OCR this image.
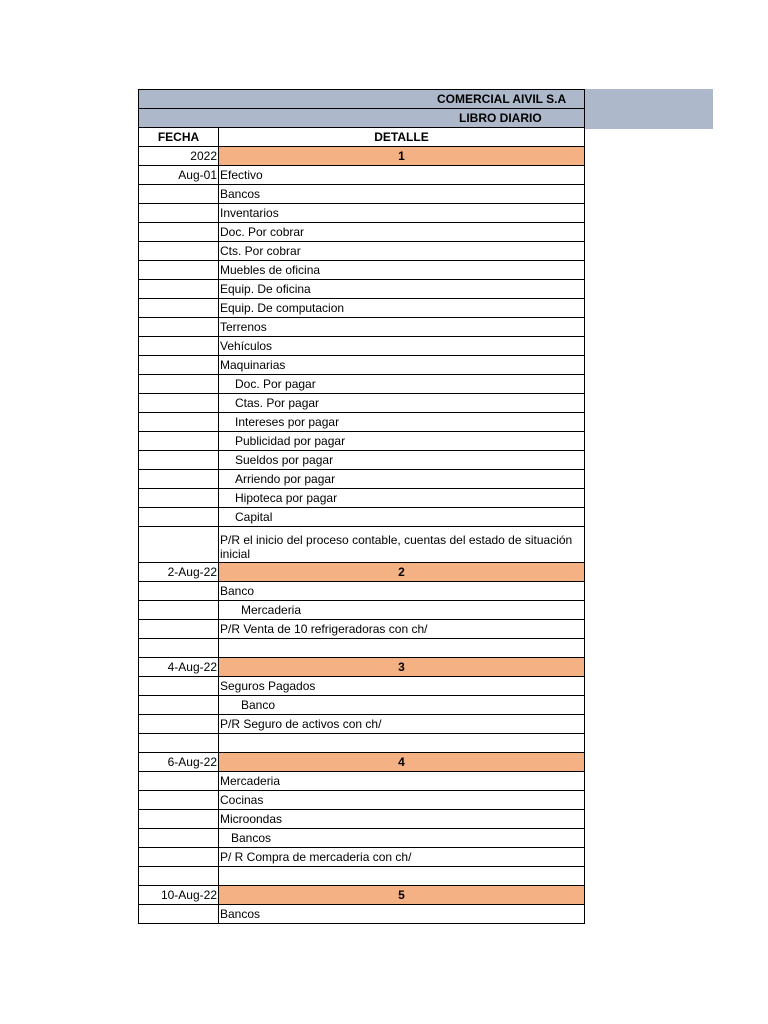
COMERCIAL AIVIL S.A	
LIBRO DIARIO	
FECHA	DETALLE
2022	1
Aug-01	Efectivo
	Bancos
	Inventarios
	Doc. Por cobrar
	Cts. Por cobrar
	Muebles de oficina
	Equip. De oficina
	Equip. De computacion
	Terrenos
	Vehículos
	Maquinarias
	Doc. Por pagar
	Ctas. Por pagar
	Intereses por pagar
	Publicidad por pagar
	Sueldos por pagar
	Arriendo por pagar
	Hipoteca por pagar
	Capital
	P/R el inicio del proceso contable, cuentas del estado de situación inicial
2-Aug-22	2
	Banco
	Mercaderia
	P/R Venta de 10 refrigeradoras con ch/

4-Aug-22	3
	Seguros Pagados
	Banco
	P/R Seguro de activos con ch/

6-Aug-22	4
	Mercaderia
	Cocinas
	Microondas
	Bancos
	P/ R Compra de mercaderia con ch/

10-Aug-22	5
	Bancos
